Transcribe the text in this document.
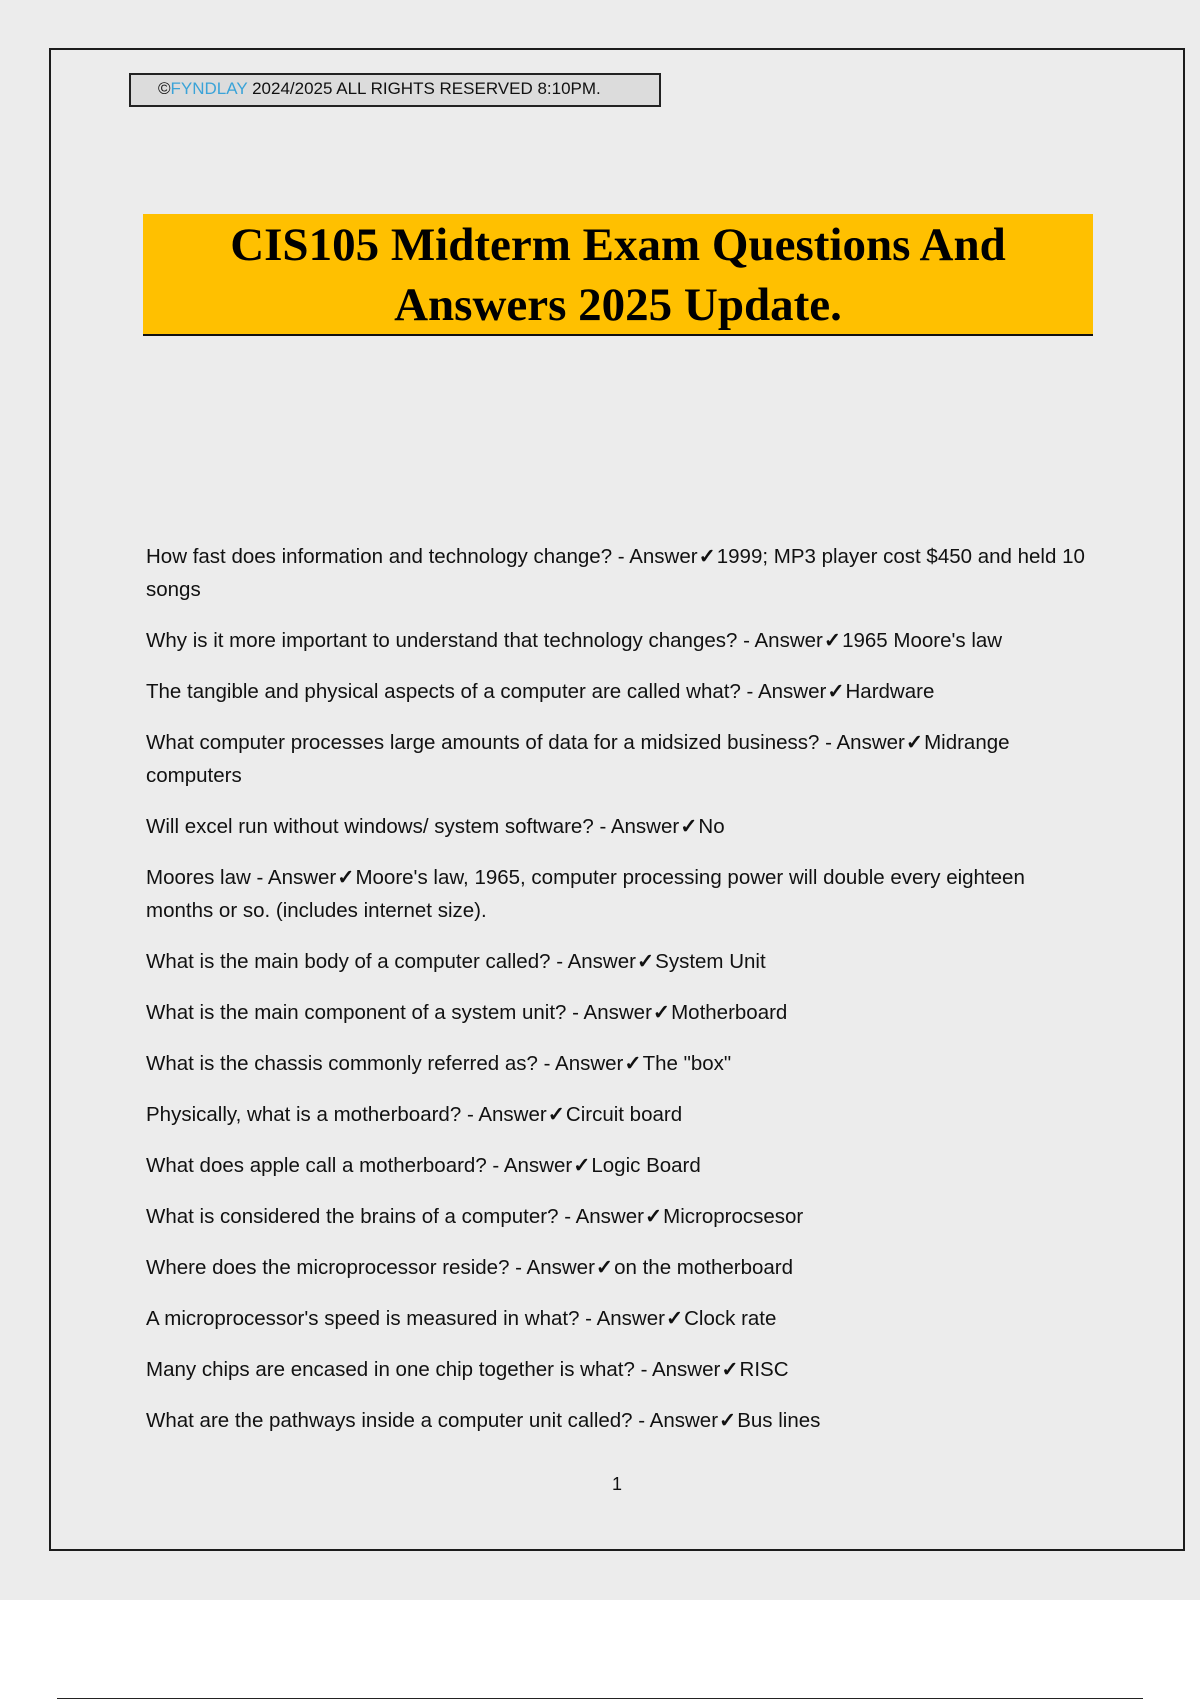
©FYNDLAY 2024/2025 ALL RIGHTS RESERVED 8:10PM.
CIS105 Midterm Exam Questions And
Answers 2025 Update.
How fast does information and technology change? - Answer✓1999; MP3 player cost $450 and held 10 songs
Why is it more important to understand that technology changes? - Answer✓1965 Moore's law
The tangible and physical aspects of a computer are called what? - Answer✓Hardware
What computer processes large amounts of data for a midsized business? - Answer✓Midrange computers
Will excel run without windows/ system software? - Answer✓No
Moores law - Answer✓Moore's law, 1965, computer processing power will double every eighteen months or so. (includes internet size).
What is the main body of a computer called? - Answer✓System Unit
What is the main component of a system unit? - Answer✓Motherboard
What is the chassis commonly referred as? - Answer✓The "box"
Physically, what is a motherboard? - Answer✓Circuit board
What does apple call a motherboard? - Answer✓Logic Board
What is considered the brains of a computer? - Answer✓Microprocsesor
Where does the microprocessor reside? - Answer✓on the motherboard
A microprocessor's speed is measured in what? - Answer✓Clock rate
Many chips are encased in one chip together is what? - Answer✓RISC
What are the pathways inside a computer unit called? - Answer✓Bus lines
1
